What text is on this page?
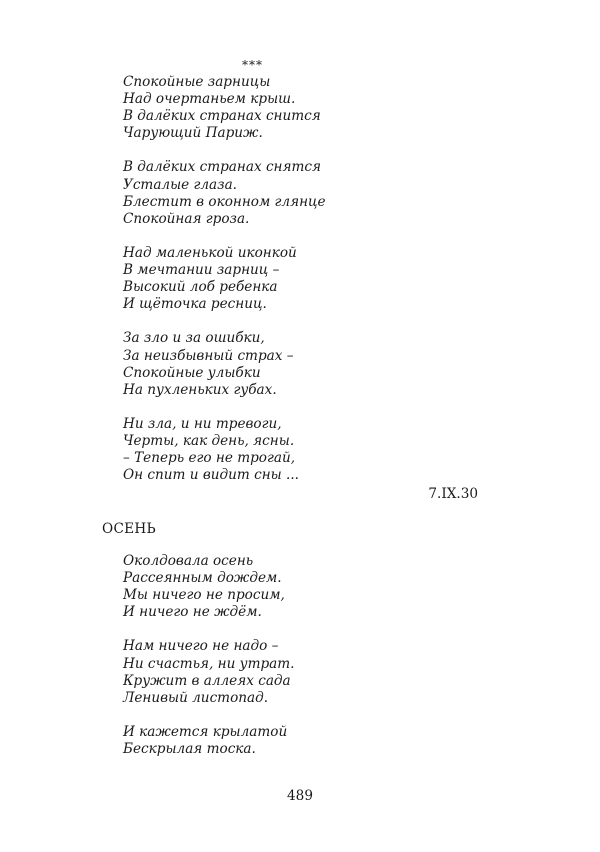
***
Спокойные зарницы
Над очертаньем крыш.
В далёких странах снится
Чарующий Париж.
В далёких странах снятся
Усталые глаза.
Блестит в оконном глянце
Спокойная гроза.
Над маленькой иконкой
В мечтании зарниц –
Высокий лоб ребенка
И щёточка ресниц.
За зло и за ошибки,
За неизбывный страх –
Спокойные улыбки
На пухленьких губах.
Ни зла, и ни тревоги,
Черты, как день, ясны.
– Теперь его не трогай,
Он спит и видит сны ...
7.IX.30
ОСЕНЬ
Околдовала осень
Рассеянным дождем.
Мы ничего не просим,
И ничего не ждём.
Нам ничего не надо –
Ни счастья, ни утрат.
Кружит в аллеях сада
Ленивый листопад.
И кажется крылатой
Бескрылая тоска.
489
